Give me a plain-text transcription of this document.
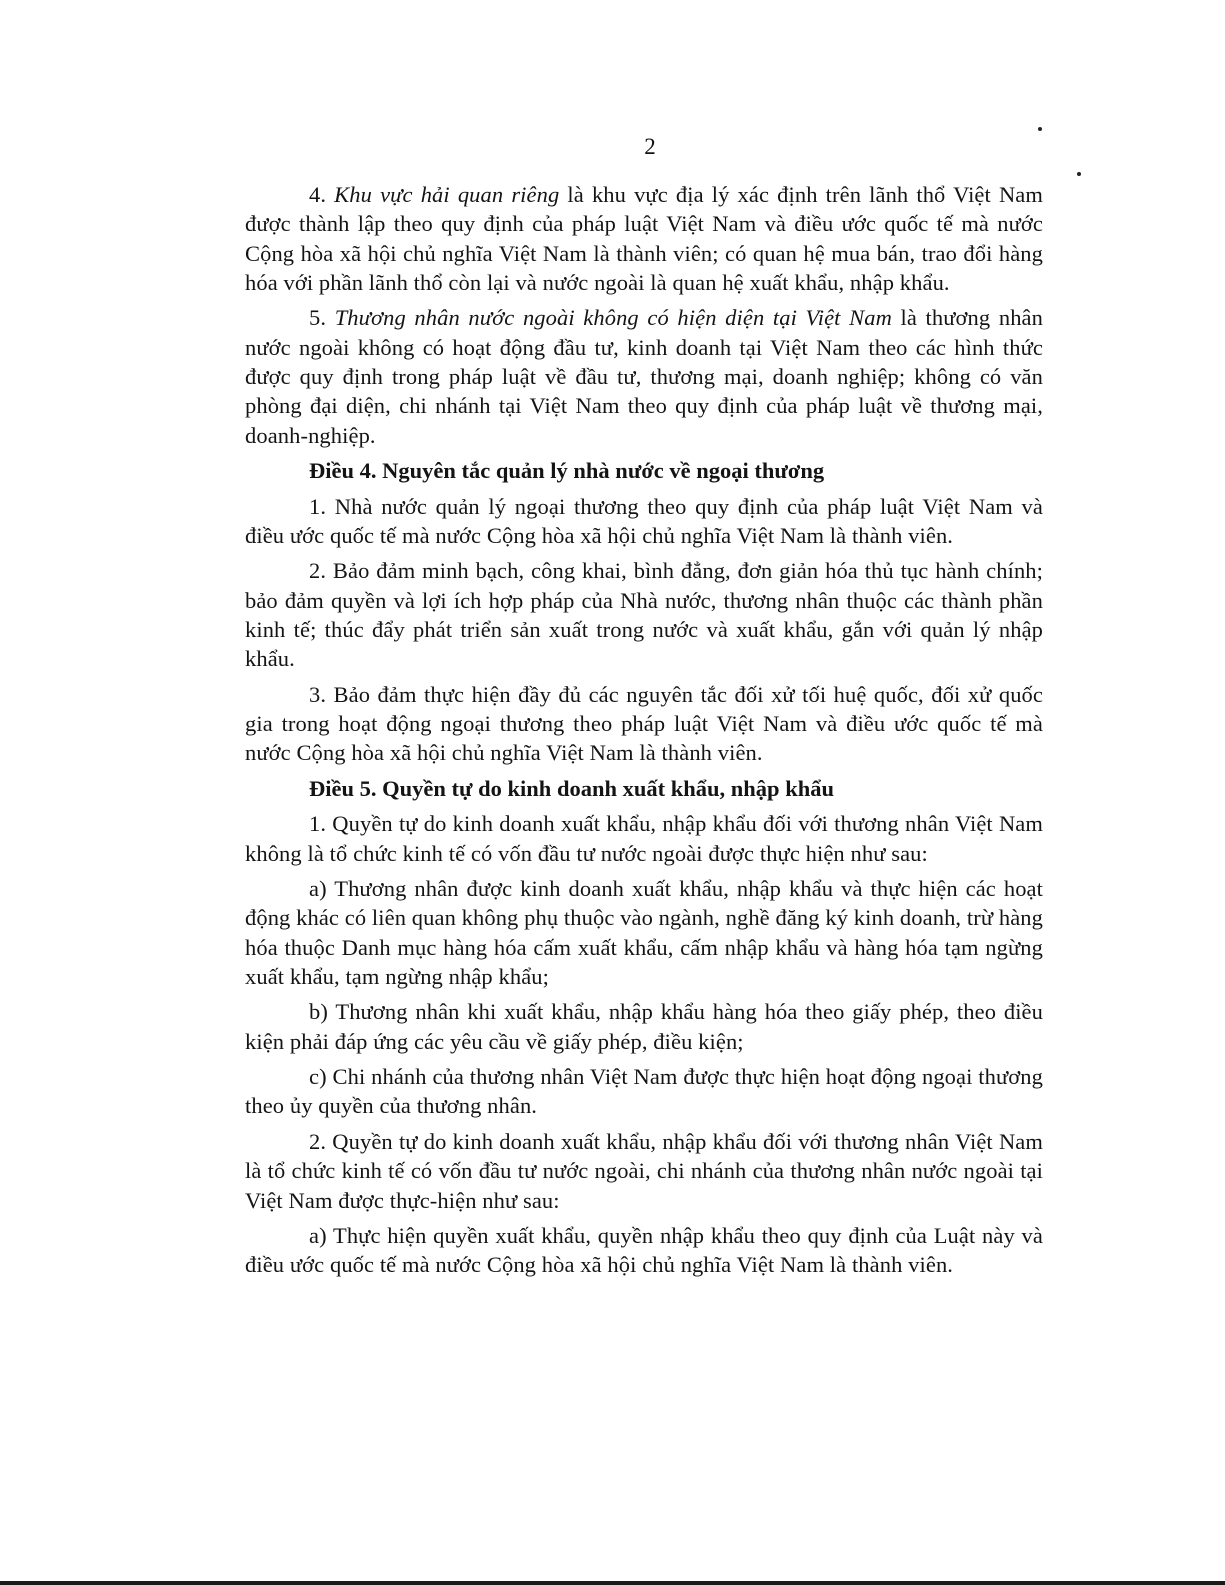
2

4. Khu vực hải quan riêng là khu vực địa lý xác định trên lãnh thổ Việt Nam được thành lập theo quy định của pháp luật Việt Nam và điều ước quốc tế mà nước Cộng hòa xã hội chủ nghĩa Việt Nam là thành viên; có quan hệ mua bán, trao đổi hàng hóa với phần lãnh thổ còn lại và nước ngoài là quan hệ xuất khẩu, nhập khẩu.

5. Thương nhân nước ngoài không có hiện diện tại Việt Nam là thương nhân nước ngoài không có hoạt động đầu tư, kinh doanh tại Việt Nam theo các hình thức được quy định trong pháp luật về đầu tư, thương mại, doanh nghiệp; không có văn phòng đại diện, chi nhánh tại Việt Nam theo quy định của pháp luật về thương mại, doanh-nghiệp.

Điều 4. Nguyên tắc quản lý nhà nước về ngoại thương

1. Nhà nước quản lý ngoại thương theo quy định của pháp luật Việt Nam và điều ước quốc tế mà nước Cộng hòa xã hội chủ nghĩa Việt Nam là thành viên.

2. Bảo đảm minh bạch, công khai, bình đẳng, đơn giản hóa thủ tục hành chính; bảo đảm quyền và lợi ích hợp pháp của Nhà nước, thương nhân thuộc các thành phần kinh tế; thúc đẩy phát triển sản xuất trong nước và xuất khẩu, gắn với quản lý nhập khẩu.

3. Bảo đảm thực hiện đầy đủ các nguyên tắc đối xử tối huệ quốc, đối xử quốc gia trong hoạt động ngoại thương theo pháp luật Việt Nam và điều ước quốc tế mà nước Cộng hòa xã hội chủ nghĩa Việt Nam là thành viên.

Điều 5. Quyền tự do kinh doanh xuất khẩu, nhập khẩu

1. Quyền tự do kinh doanh xuất khẩu, nhập khẩu đối với thương nhân Việt Nam không là tổ chức kinh tế có vốn đầu tư nước ngoài được thực hiện như sau:

a) Thương nhân được kinh doanh xuất khẩu, nhập khẩu và thực hiện các hoạt động khác có liên quan không phụ thuộc vào ngành, nghề đăng ký kinh doanh, trừ hàng hóa thuộc Danh mục hàng hóa cấm xuất khẩu, cấm nhập khẩu và hàng hóa tạm ngừng xuất khẩu, tạm ngừng nhập khẩu;

b) Thương nhân khi xuất khẩu, nhập khẩu hàng hóa theo giấy phép, theo điều kiện phải đáp ứng các yêu cầu về giấy phép, điều kiện;

c) Chi nhánh của thương nhân Việt Nam được thực hiện hoạt động ngoại thương theo ủy quyền của thương nhân.

2. Quyền tự do kinh doanh xuất khẩu, nhập khẩu đối với thương nhân Việt Nam là tổ chức kinh tế có vốn đầu tư nước ngoài, chi nhánh của thương nhân nước ngoài tại Việt Nam được thực-hiện như sau:

a) Thực hiện quyền xuất khẩu, quyền nhập khẩu theo quy định của Luật này và điều ước quốc tế mà nước Cộng hòa xã hội chủ nghĩa Việt Nam là thành viên.
